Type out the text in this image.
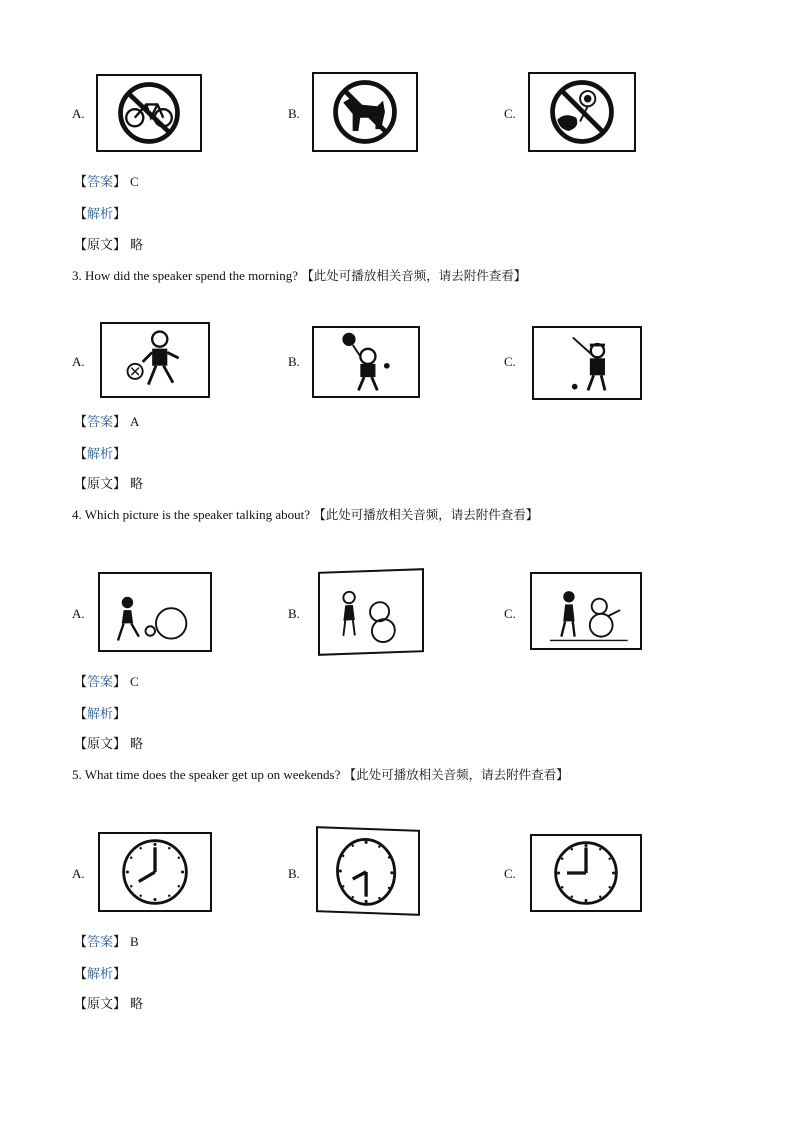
A.	B.	C.
【答案】 C
【解析】
【原文】 略
3. How did the speaker spend the morning? 【此处可播放相关音频，请去附件查看】
A.	B.	C.
【答案】 A
【解析】
【原文】 略
4. Which picture is the speaker talking about? 【此处可播放相关音频，请去附件查看】
A.	B.	C.
【答案】 C
【解析】
【原文】 略
5. What time does the speaker get up on weekends? 【此处可播放相关音频，请去附件查看】
A.	B.	C.
【答案】 B
【解析】
【原文】 略
